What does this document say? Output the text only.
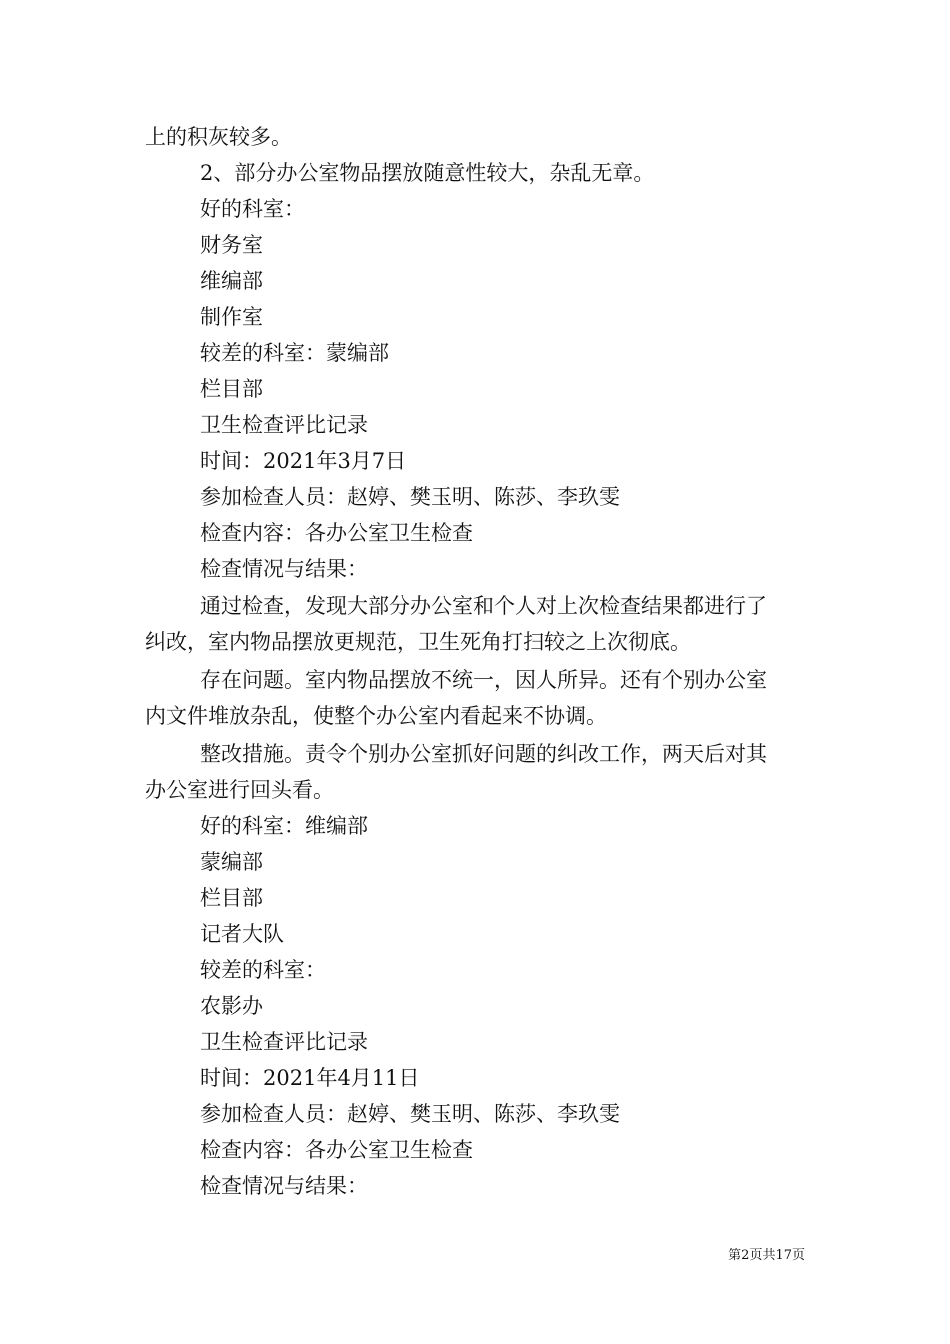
上的积灰较多。
2、部分办公室物品摆放随意性较大，杂乱无章。
好的科室：
财务室
维编部
制作室
较差的科室：蒙编部
栏目部
卫生检查评比记录
时间：2021年3月7日
参加检查人员：赵婷、樊玉明、陈莎、李玖雯
检查内容：各办公室卫生检查
检查情况与结果：
通过检查，发现大部分办公室和个人对上次检查结果都进行了
纠改，室内物品摆放更规范，卫生死角打扫较之上次彻底。
存在问题。室内物品摆放不统一，因人所异。还有个别办公室
内文件堆放杂乱，使整个办公室内看起来不协调。
整改措施。责令个别办公室抓好问题的纠改工作，两天后对其
办公室进行回头看。
好的科室：维编部
蒙编部
栏目部
记者大队
较差的科室：
农影办
卫生检查评比记录
时间：2021年4月11日
参加检查人员：赵婷、樊玉明、陈莎、李玖雯
检查内容：各办公室卫生检查
检查情况与结果：
第2页共17页
